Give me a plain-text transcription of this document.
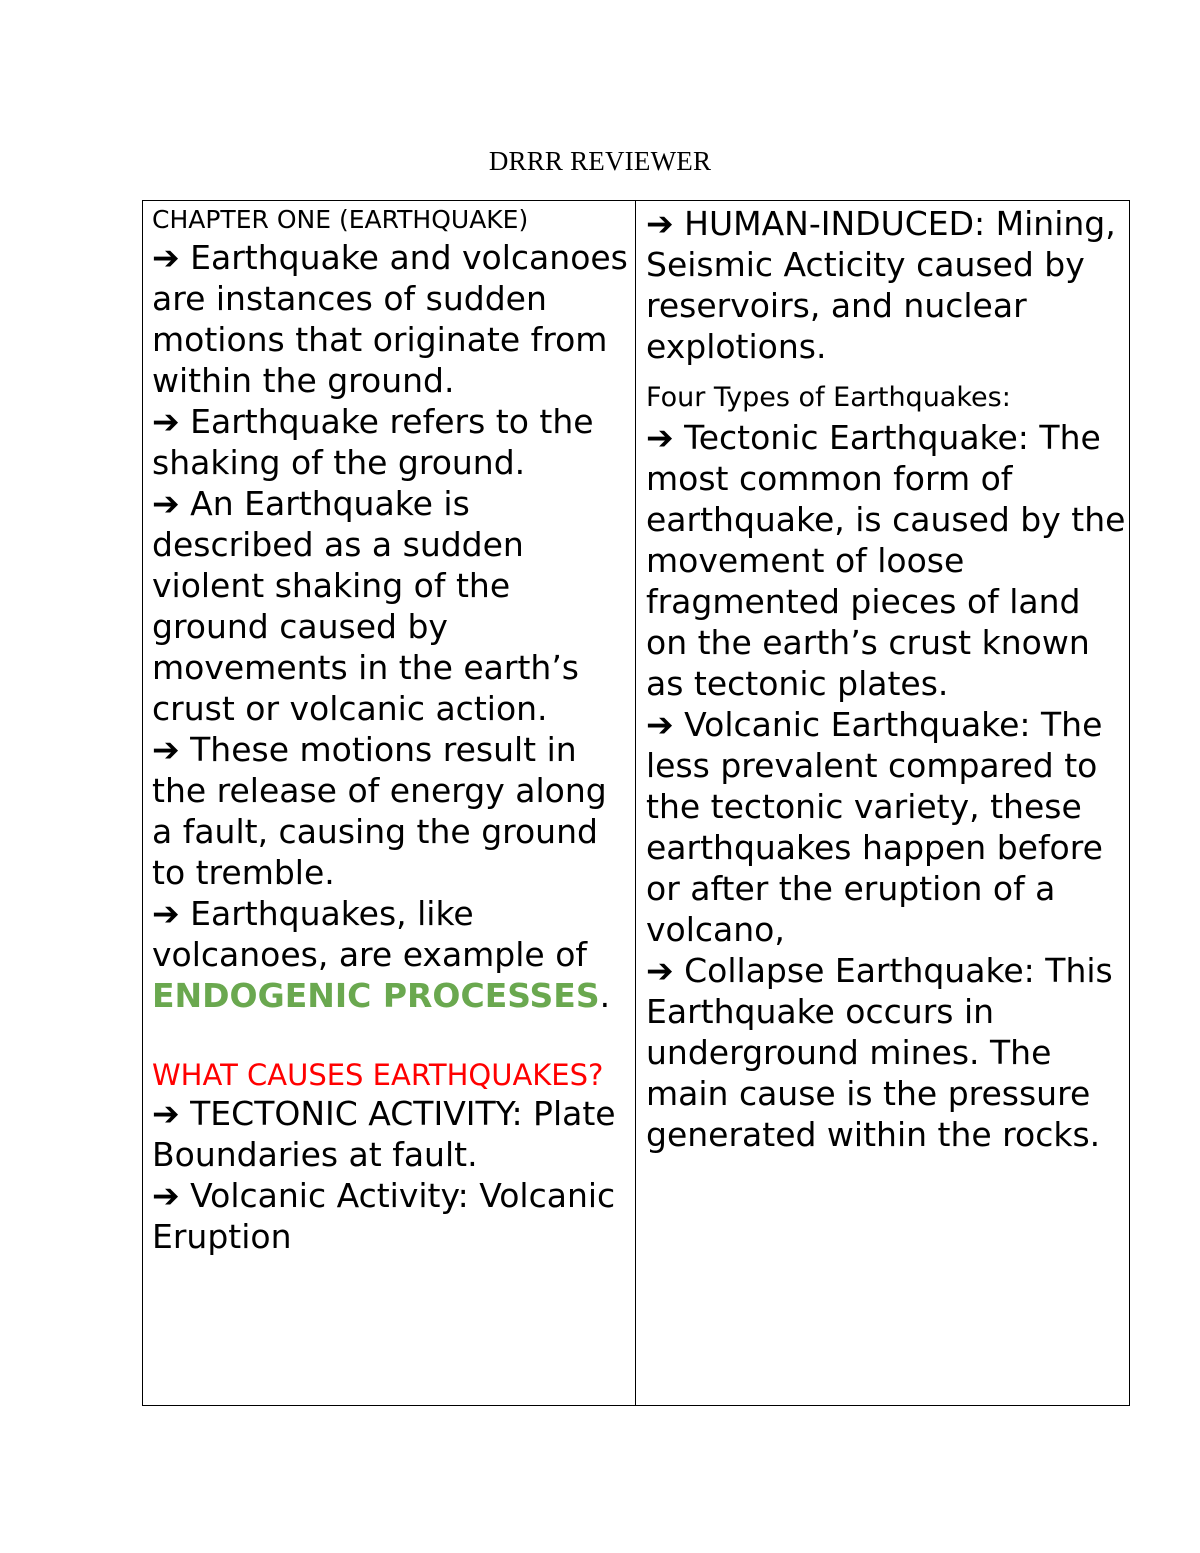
DRRR REVIEWER
CHAPTER ONE (EARTHQUAKE)

➔ Earthquake and volcanoes are instances of sudden motions that originate from within the ground.

➔ Earthquake refers to the shaking of the ground.

➔ An Earthquake is described as a sudden violent shaking of the ground caused by movements in the earth’s crust or volcanic action.

➔ These motions result in the release of energy along a fault, causing the ground to tremble.

➔ Earthquakes, like volcanoes, are example of ENDOGENIC PROCESSES.

WHAT CAUSES EARTHQUAKES?

➔ TECTONIC ACTIVITY: Plate Boundaries at fault.

➔ Volcanic Activity: Volcanic Eruption

➔ HUMAN-INDUCED: Mining, Seismic Acticity caused by reservoirs, and nuclear explotions.

Four Types of Earthquakes:

➔ Tectonic Earthquake: The most common form of earthquake, is caused by the movement of loose fragmented pieces of land on the earth’s crust known as tectonic plates.

➔ Volcanic Earthquake: The less prevalent compared to the tectonic variety, these earthquakes happen before or after the eruption of a volcano,

➔ Collapse Earthquake: This Earthquake occurs in underground mines. The main cause is the pressure generated within the rocks.
